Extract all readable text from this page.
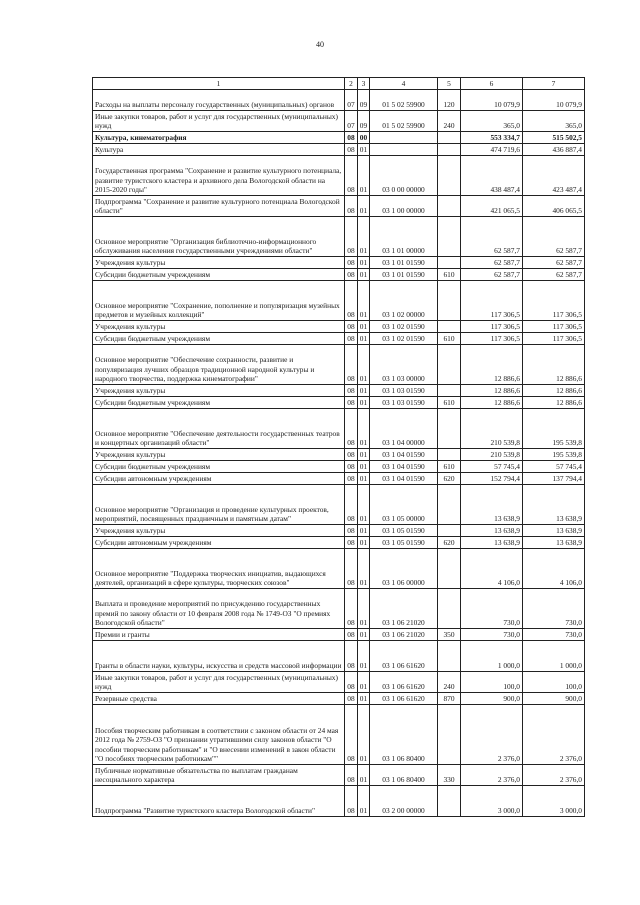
40
1	2	3	4	5	6	7
Расходы на выплаты персоналу государственных (муниципальных) органов	07	09	01 5 02 59900	120	10 079,9	10 079,9
Иные закупки товаров, работ и услуг для государственных (муниципальных) нужд	07	09	01 5 02 59900	240	365,0	365,0
Культура, кинематография	08	00			553 334,7	515 502,5
Культура	08	01			474 719,6	436 887,4
Государственная программа "Сохранение и развитие культурного потенциала, развитие туристского кластера и архивного дела Вологодской области на 2015-2020 годы"	08	01	03 0 00 00000		438 487,4	423 487,4
Подпрограмма "Сохранение и развитие культурного потенциала Вологодской области"	08	01	03 1 00 00000		421 065,5	406 065,5
Основное мероприятие "Организация библиотечно-информационного обслуживания населения государственными учреждениями области"	08	01	03 1 01 00000		62 587,7	62 587,7
Учреждения культуры	08	01	03 1 01 01590		62 587,7	62 587,7
Субсидии бюджетным учреждениям	08	01	03 1 01 01590	610	62 587,7	62 587,7
Основное мероприятие "Сохранение, пополнение и популяризация музейных предметов и музейных коллекций"	08	01	03 1 02 00000		117 306,5	117 306,5
Учреждения культуры	08	01	03 1 02 01590		117 306,5	117 306,5
Субсидии бюджетным учреждениям	08	01	03 1 02 01590	610	117 306,5	117 306,5
Основное мероприятие "Обеспечение сохранности, развитие и популяризация лучших образцов традиционной народной культуры и народного творчества, поддержка кинематографии"	08	01	03 1 03 00000		12 886,6	12 886,6
Учреждения культуры	08	01	03 1 03 01590		12 886,6	12 886,6
Субсидии бюджетным учреждениям	08	01	03 1 03 01590	610	12 886,6	12 886,6
Основное мероприятие "Обеспечение деятельности государственных театров и концертных организаций области"	08	01	03 1 04 00000		210 539,8	195 539,8
Учреждения культуры	08	01	03 1 04 01590		210 539,8	195 539,8
Субсидии бюджетным учреждениям	08	01	03 1 04 01590	610	57 745,4	57 745,4
Субсидии автономным учреждениям	08	01	03 1 04 01590	620	152 794,4	137 794,4
Основное мероприятие "Организация и проведение культурных проектов, мероприятий, посвященных праздничным и памятным датам"	08	01	03 1 05 00000		13 638,9	13 638,9
Учреждения культуры	08	01	03 1 05 01590		13 638,9	13 638,9
Субсидии автономным учреждениям	08	01	03 1 05 01590	620	13 638,9	13 638,9
Основное мероприятие "Поддержка творческих инициатив, выдающихся деятелей, организаций в сфере культуры, творческих союзов"	08	01	03 1 06 00000		4 106,0	4 106,0
Выплата и проведение мероприятий по присуждению государственных премий по закону области от 10 февраля 2008 года № 1749-ОЗ "О премиях Вологодской области"	08	01	03 1 06 21020		730,0	730,0
Премии и гранты	08	01	03 1 06 21020	350	730,0	730,0
Гранты в области науки, культуры, искусства и средств массовой информации	08	01	03 1 06 61620		1 000,0	1 000,0
Иные закупки товаров, работ и услуг для государственных (муниципальных) нужд	08	01	03 1 06 61620	240	100,0	100,0
Резервные средства	08	01	03 1 06 61620	870	900,0	900,0
Пособия творческим работникам в соответствии с законом области от 24 мая 2012 года № 2759-ОЗ "О признании утратившими силу законов области "О пособии творческим работникам" и "О внесении изменений в закон области "О пособиях творческим работникам""	08	01	03 1 06 80400		2 376,0	2 376,0
Публичные нормативные обязательства по выплатам гражданам несоциального характера	08	01	03 1 06 80400	330	2 376,0	2 376,0
Подпрограмма "Развитие туристского кластера Вологодской области"	08	01	03 2 00 00000		3 000,0	3 000,0
